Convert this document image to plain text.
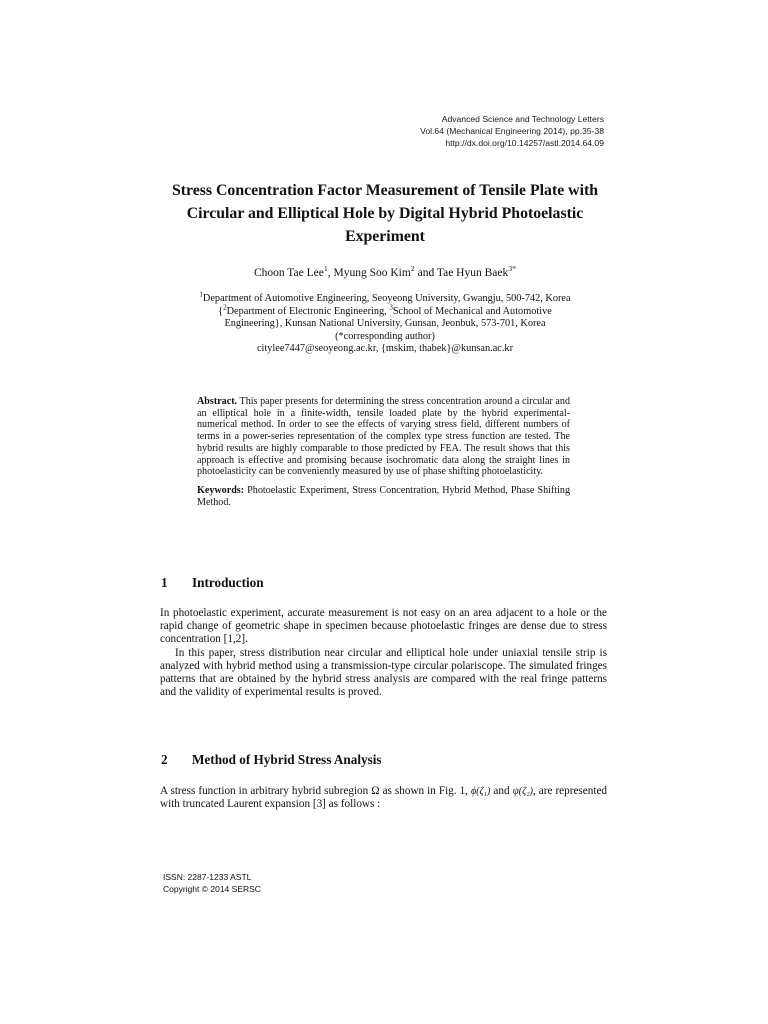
Advanced Science and Technology Letters
Vol.64 (Mechanical Engineering 2014), pp.35-38
http://dx.doi.org/10.14257/astl.2014.64.09
Stress Concentration Factor Measurement of Tensile Plate with Circular and Elliptical Hole by Digital Hybrid Photoelastic Experiment
Choon Tae Lee$^1$, Myung Soo Kim$^2$ and Tae Hyun Baek$^{3*}$
$^1$Department of Automotive Engineering, Seoyeong University, Gwangju, 500-742, Korea
{$^2$Department of Electronic Engineering, $^3$School of Mechanical and Automotive
Engineering}, Kunsan National University, Gunsan, Jeonbuk, 573-701, Korea
(*corresponding author)
citylee7447@seoyeong.ac.kr, {mskim, thabek}@kunsan.ac.kr
Abstract. This paper presents for determining the stress concentration around a circular and an elliptical hole in a finite-width, tensile loaded plate by the hybrid experimental-numerical method. In order to see the effects of varying stress field, different numbers of terms in a power-series representation of the complex type stress function are tested. The hybrid results are highly comparable to those predicted by FEA. The result shows that this approach is effective and promising because isochromatic data along the straight lines in photoelasticity can be conveniently measured by use of phase shifting photoelasticity.
Keywords: Photoelastic Experiment, Stress Concentration, Hybrid Method, Phase Shifting Method.
1 Introduction

In photoelastic experiment, accurate measurement is not easy on an area adjacent to a hole or the rapid change of geometric shape in specimen because photoelastic fringes are dense due to stress concentration [1,2].

In this paper, stress distribution near circular and elliptical hole under uniaxial tensile strip is analyzed with hybrid method using a transmission-type circular polariscope. The simulated fringes patterns that are obtained by the hybrid stress analysis are compared with the real fringe patterns and the validity of experimental results is proved.

2 Method of Hybrid Stress Analysis

A stress function in arbitrary hybrid subregion Ω as shown in Fig. 1, ϕ(ζ₁) and ψ(ζ₂), are represented with truncated Laurent expansion [3] as follows :

ISSN: 2287-1233 ASTL
Copyright © 2014 SERSC
